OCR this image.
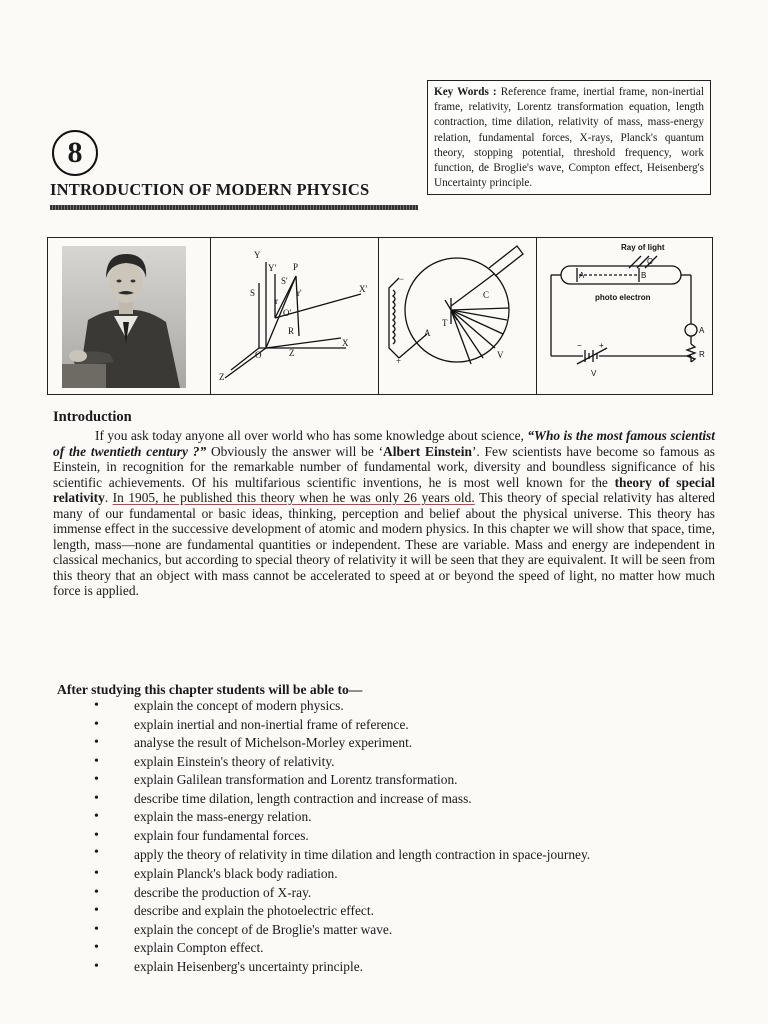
Key Words : Reference frame, inertial frame, non-inertial frame, relativity, Lorentz transformation equation, length contraction, time dilation, relativity of mass, mass-energy relation, fundamental forces, X-rays, Planck's quantum theory, stopping potential, threshold frequency, work function, de Broglie's wave, Compton effect, Heisenberg's Uncertainty principle.
8
INTRODUCTION OF MODERN PHYSICS
Y
Y' P
S
S'
r
r'
O'
X'
R
O	Z
X
Z
C
T
A
V
+
−
Ray of light
C
A	B
photo electron
A
R
V
− +
Introduction

If you ask today anyone all over world who has some knowledge about science, “Who is the most famous scientist of the twentieth century ?” Obviously the answer will be ‘Albert Einstein’. Few scientists have become so famous as Einstein, in recognition for the remarkable number of fundamental work, diversity and boundless significance of his scientific achievements. Of his multifarious scientific inventions, he is most well known for the theory of special relativity. In 1905, he published this theory when he was only 26 years old. This theory of special relativity has altered many of our fundamental or basic ideas, thinking, perception and belief about the physical universe. This theory has immense effect in the successive development of atomic and modern physics. In this chapter we will show that space, time, length, mass—none are fundamental quantities or independent. These are variable. Mass and energy are independent in classical mechanics, but according to special theory of relativity it will be seen that they are equivalent. It will be seen from this theory that an object with mass cannot be accelerated to speed at or beyond the speed of light, no matter how much force is applied.

After studying this chapter students will be able to—
• explain the concept of modern physics.
• explain inertial and non-inertial frame of reference.
• analyse the result of Michelson-Morley experiment.
• explain Einstein's theory of relativity.
• explain Galilean transformation and Lorentz transformation.
• describe time dilation, length contraction and increase of mass.
• explain the mass-energy relation.
• explain four fundamental forces.
• apply the theory of relativity in time dilation and length contraction in space-journey.
• explain Planck's black body radiation.
• describe the production of X-ray.
• describe and explain the photoelectric effect.
• explain the concept of de Broglie's matter wave.
• explain Compton effect.
• explain Heisenberg's uncertainty principle.
